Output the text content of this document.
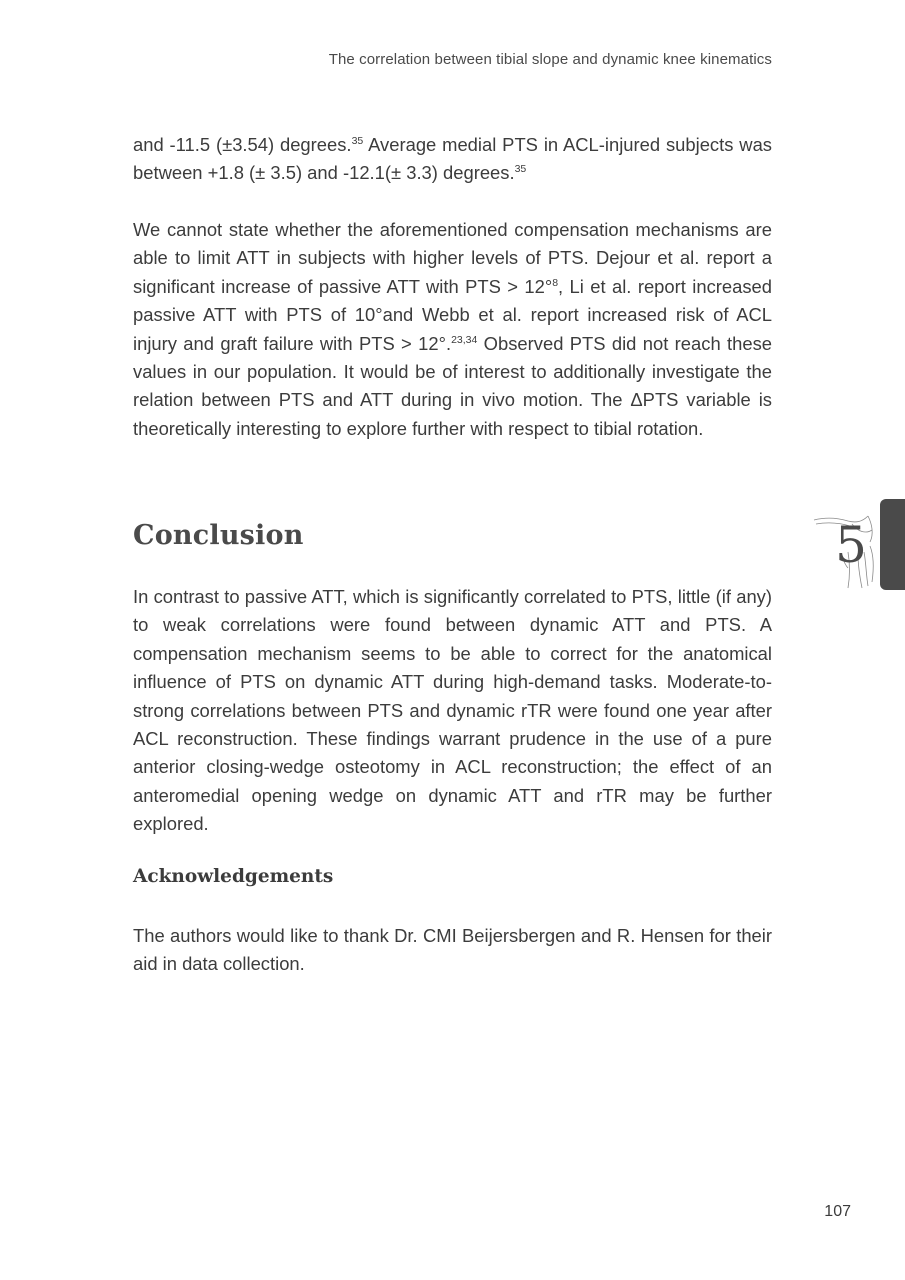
The correlation between tibial slope and dynamic knee kinematics

and -11.5 (±3.54) degrees.$^{35}$ Average medial PTS in ACL-injured subjects was between +1.8 (± 3.5) and -12.1(± 3.3) degrees.$^{35}$

We cannot state whether the aforementioned compensation mechanisms are able to limit ATT in subjects with higher levels of PTS. Dejour et al. report a significant increase of passive ATT with PTS > 12°$^8$, Li et al. report increased passive ATT with PTS of 10°and Webb et al. report increased risk of ACL injury and graft failure with PTS > 12°.$^{23,34}$ Observed PTS did not reach these values in our population. It would be of interest to additionally investigate the relation between PTS and ATT during in vivo motion. The ΔPTS variable is theoretically interesting to explore further with respect to tibial rotation.

Conclusion

In contrast to passive ATT, which is significantly correlated to PTS, little (if any) to weak correlations were found between dynamic ATT and PTS. A compensation mechanism seems to be able to correct for the anatomical influence of PTS on dynamic ATT during high-demand tasks. Moderate-to-strong correlations between PTS and dynamic rTR were found one year after ACL reconstruction. These findings warrant prudence in the use of a pure anterior closing-wedge osteotomy in ACL reconstruction; the effect of an anteromedial opening wedge on dynamic ATT and rTR may be further explored.

Acknowledgements

The authors would like to thank Dr. CMI Beijersbergen and R. Hensen for their aid in data collection.

5
107
